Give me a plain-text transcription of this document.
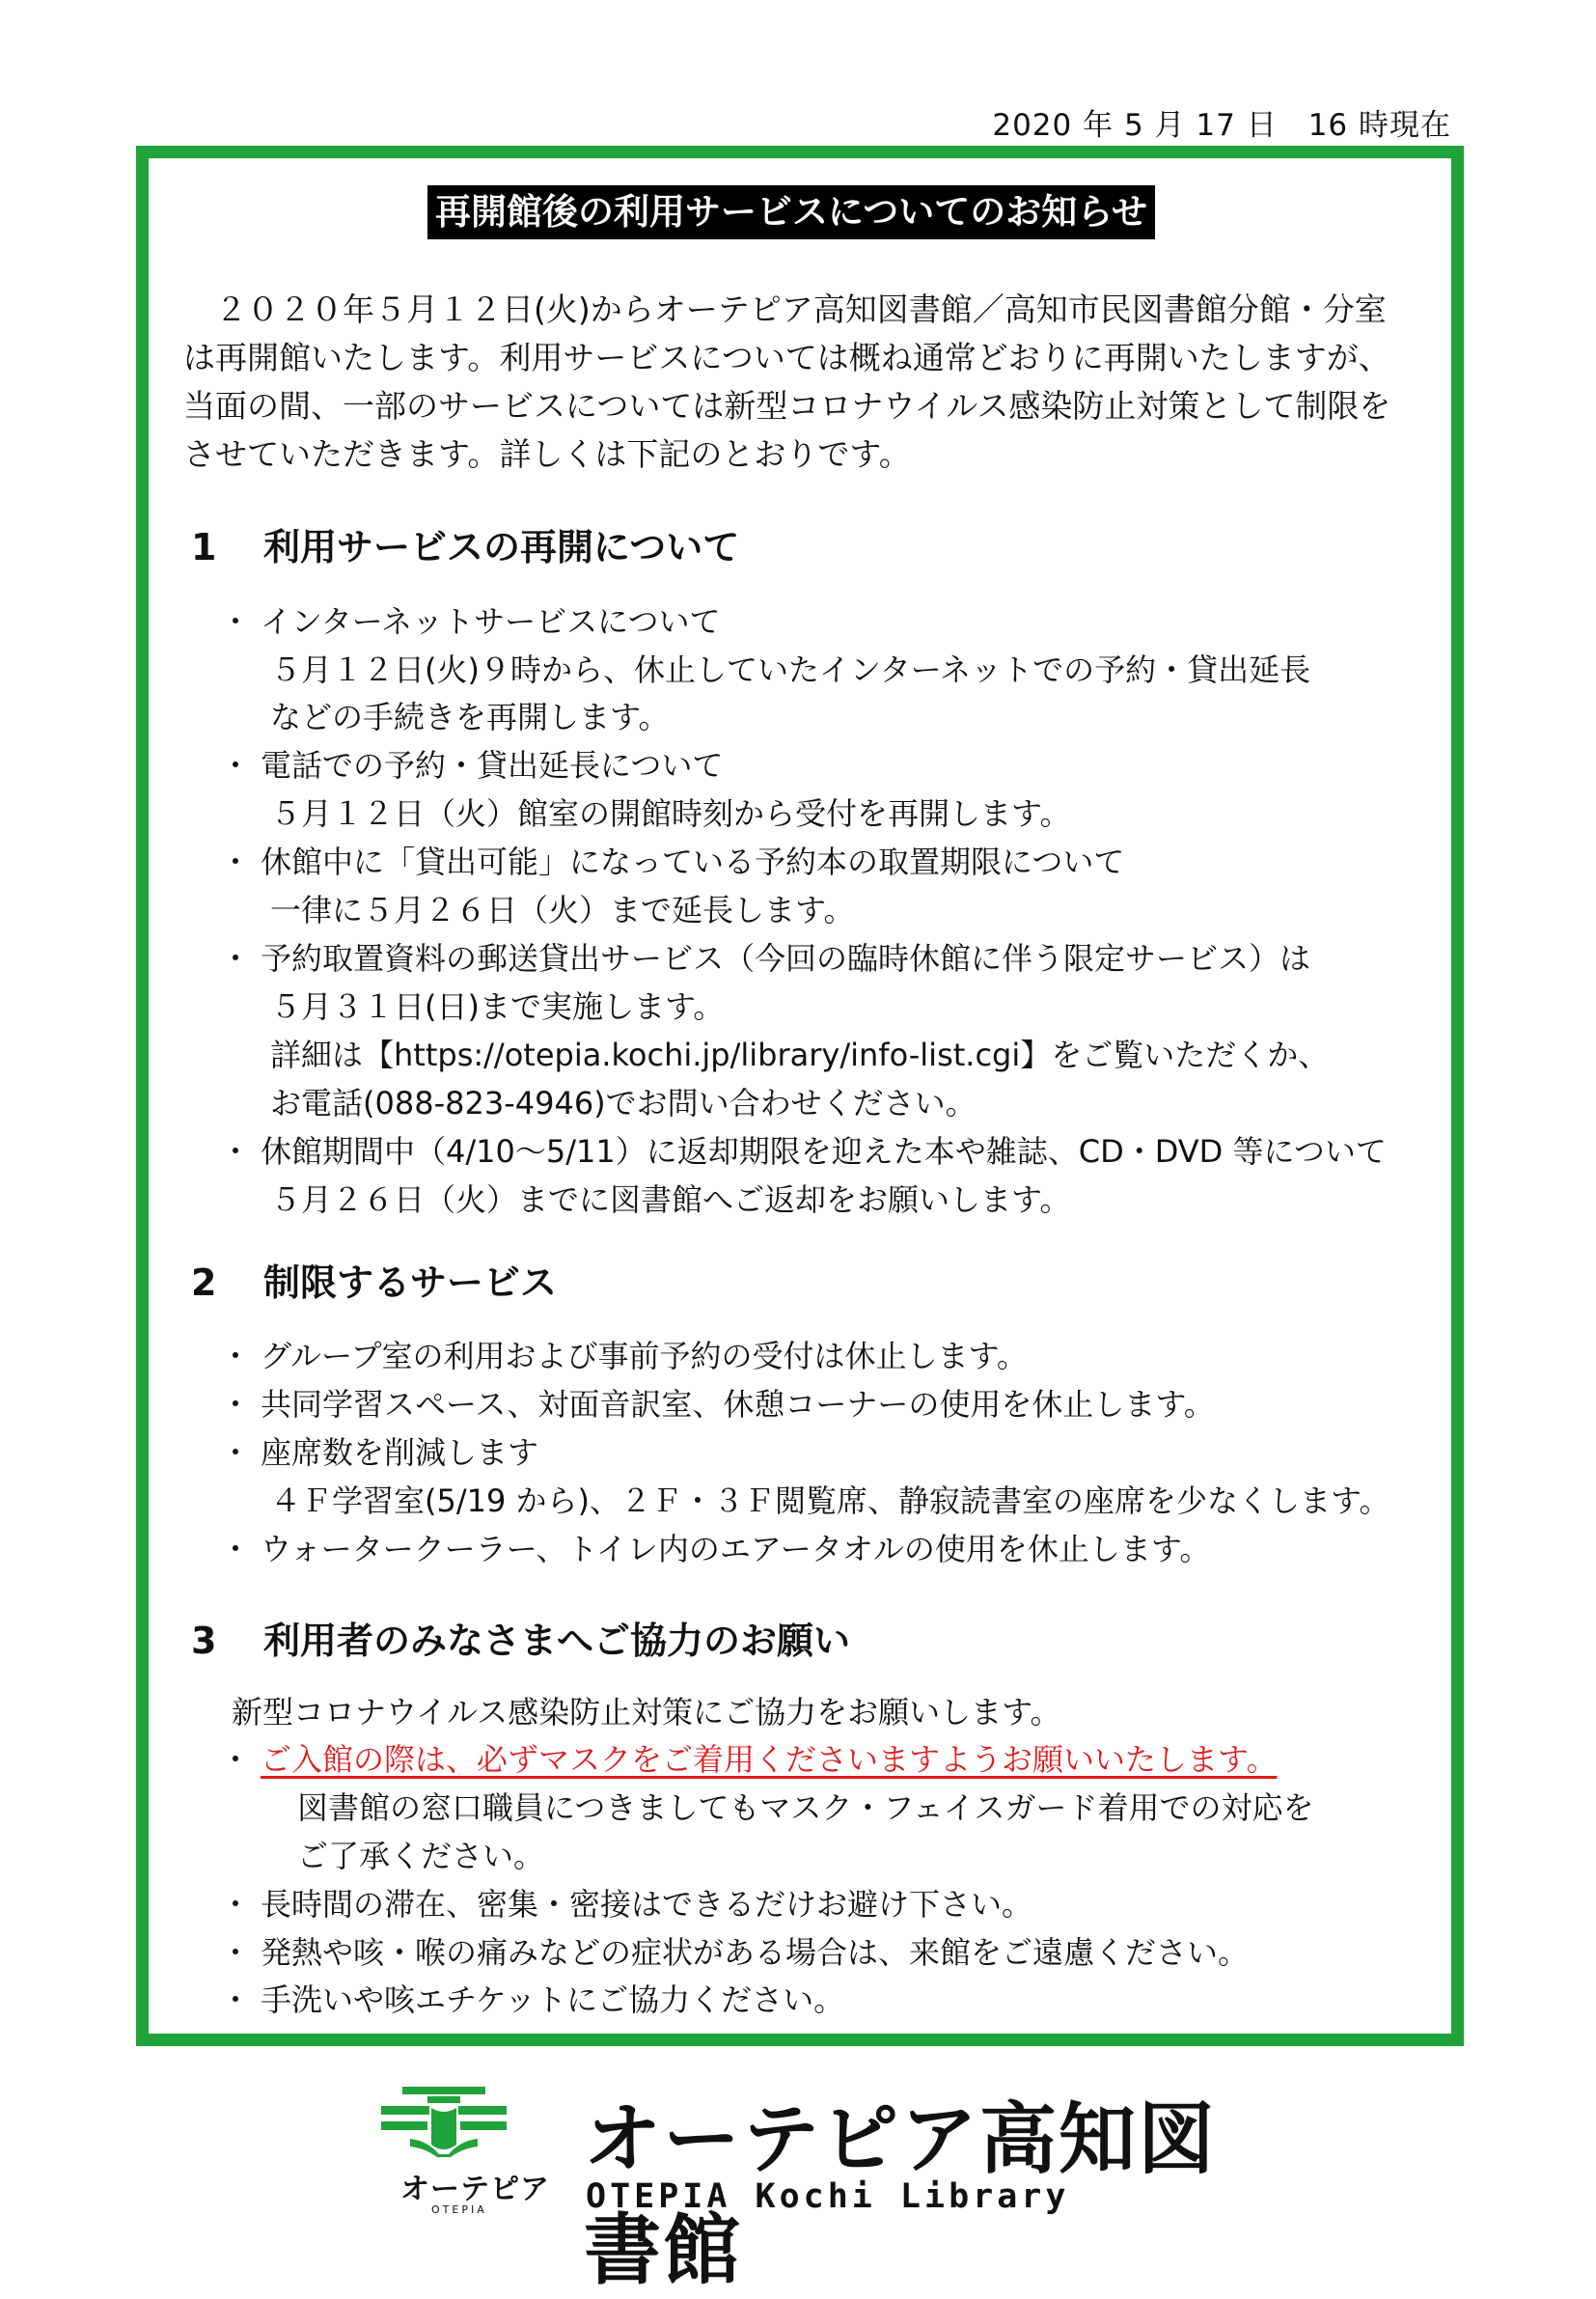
2020 年 5 月 17 日　16 時現在
再開館後の利用サービスについてのお知らせ

　２０２０年５月１２日(火)からオーテピア高知図書館／高知市民図書館分館・分室

は再開館いたします。利用サービスについては概ね通常どおりに再開いたしますが、

当面の間、一部のサービスについては新型コロナウイルス感染防止対策として制限を

させていただきます。詳しくは下記のとおりです。

1 利用サービスの再開について
・ インターネットサービスについて
５月１２日(火)９時から、休止していたインターネットでの予約・貸出延長
などの手続きを再開します。
・ 電話での予約・貸出延長について
５月１２日（火）館室の開館時刻から受付を再開します。
・ 休館中に「貸出可能」になっている予約本の取置期限について
一律に５月２６日（火）まで延長します。
・ 予約取置資料の郵送貸出サービス（今回の臨時休館に伴う限定サービス）は
５月３１日(日)まで実施します。
詳細は【https://otepia.kochi.jp/library/info-list.cgi】をご覧いただくか、
お電話(088-823-4946)でお問い合わせください。
・ 休館期間中（4/10～5/11）に返却期限を迎えた本や雑誌、CD・DVD 等について
５月２６日（火）までに図書館へご返却をお願いします。
2 制限するサービス
・ グループ室の利用および事前予約の受付は休止します。
・ 共同学習スペース、対面音訳室、休憩コーナーの使用を休止します。
・ 座席数を削減します
４Ｆ学習室(5/19 から)、２Ｆ・３Ｆ閲覧席、静寂読書室の座席を少なくします。
・ ウォータークーラー、トイレ内のエアータオルの使用を休止します。
3 利用者のみなさまへご協力のお願い
新型コロナウイルス感染防止対策にご協力をお願いします。
・ ご入館の際は、必ずマスクをご着用くださいますようお願いいたします。
図書館の窓口職員につきましてもマスク・フェイスガード着用での対応を
ご了承ください。
・ 長時間の滞在、密集・密接はできるだけお避け下さい。
・ 発熱や咳・喉の痛みなどの症状がある場合は、来館をご遠慮ください。
・ 手洗いや咳エチケットにご協力ください。
オーテピア
OTEPIA
オーテピア高知図書館
OTEPIA Kochi Library
